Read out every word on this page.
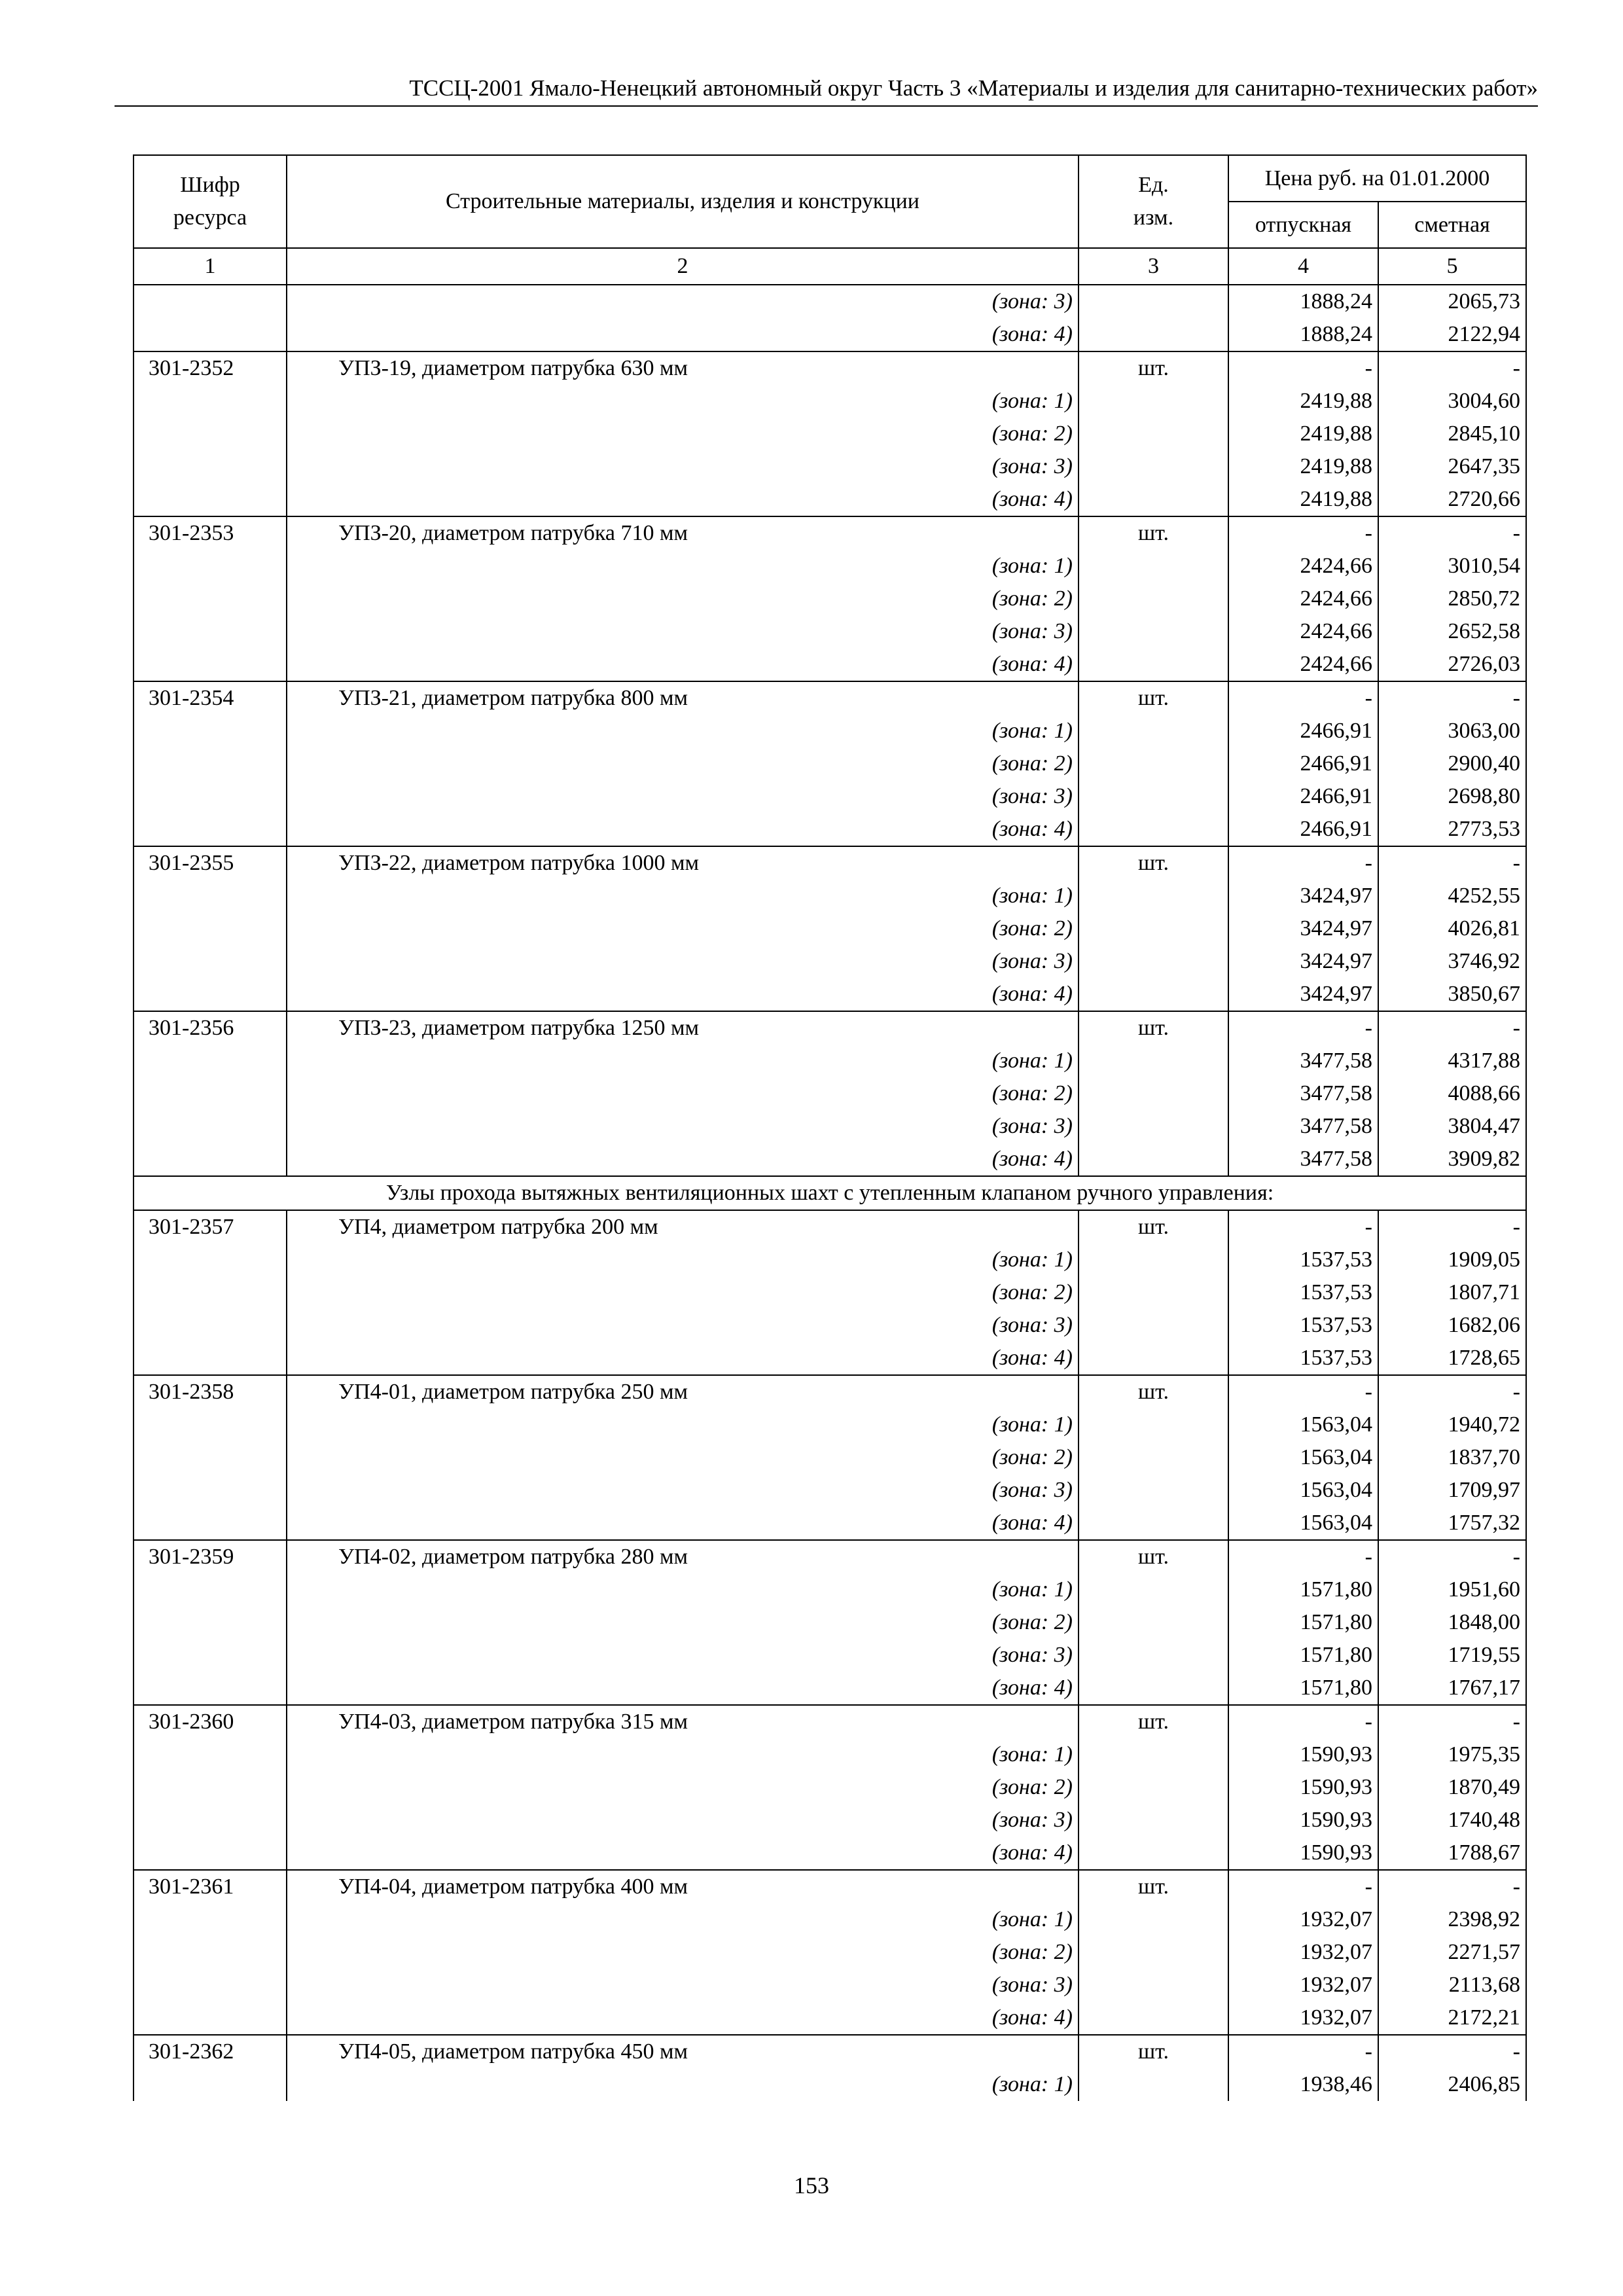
ТССЦ-2001 Ямало-Ненецкий автономный округ Часть 3 «Материалы и изделия для санитарно-технических работ»
Шифр ресурса	Строительные материалы, изделия и конструкции	Ед. изм.	Цена руб. на 01.01.2000	
			отпускная	сметная
1	2	3	4	5

	(зона: 3)		1888,24	2065,73

	(зона: 4)		1888,24	2122,94
301-2352	УПЗ-19, диаметром патрубка 630 мм	шт.	-	-

	(зона: 1)		2419,88	3004,60

	(зона: 2)		2419,88	2845,10

	(зона: 3)		2419,88	2647,35

	(зона: 4)		2419,88	2720,66
301-2353	УПЗ-20, диаметром патрубка 710 мм	шт.	-	-

	(зона: 1)		2424,66	3010,54

	(зона: 2)		2424,66	2850,72

	(зона: 3)		2424,66	2652,58

	(зона: 4)		2424,66	2726,03
301-2354	УПЗ-21, диаметром патрубка 800 мм	шт.	-	-

	(зона: 1)		2466,91	3063,00

	(зона: 2)		2466,91	2900,40

	(зона: 3)		2466,91	2698,80

	(зона: 4)		2466,91	2773,53
301-2355	УПЗ-22, диаметром патрубка 1000 мм	шт.	-	-

	(зона: 1)		3424,97	4252,55

	(зона: 2)		3424,97	4026,81

	(зона: 3)		3424,97	3746,92

	(зона: 4)		3424,97	3850,67
301-2356	УПЗ-23, диаметром патрубка 1250 мм	шт.	-	-

	(зона: 1)		3477,58	4317,88

	(зона: 2)		3477,58	4088,66

	(зона: 3)		3477,58	3804,47

	(зона: 4)		3477,58	3909,82
Узлы прохода вытяжных вентиляционных шахт с утепленным клапаном ручного управления:				
301-2357	УП4, диаметром патрубка 200 мм	шт.	-	-

	(зона: 1)		1537,53	1909,05

	(зона: 2)		1537,53	1807,71

	(зона: 3)		1537,53	1682,06

	(зона: 4)		1537,53	1728,65
301-2358	УП4-01, диаметром патрубка 250 мм	шт.	-	-

	(зона: 1)		1563,04	1940,72

	(зона: 2)		1563,04	1837,70

	(зона: 3)		1563,04	1709,97

	(зона: 4)		1563,04	1757,32
301-2359	УП4-02, диаметром патрубка 280 мм	шт.	-	-

	(зона: 1)		1571,80	1951,60

	(зона: 2)		1571,80	1848,00

	(зона: 3)		1571,80	1719,55

	(зона: 4)		1571,80	1767,17
301-2360	УП4-03, диаметром патрубка 315 мм	шт.	-	-

	(зона: 1)		1590,93	1975,35

	(зона: 2)		1590,93	1870,49

	(зона: 3)		1590,93	1740,48

	(зона: 4)		1590,93	1788,67
301-2361	УП4-04, диаметром патрубка 400 мм	шт.	-	-

	(зона: 1)		1932,07	2398,92

	(зона: 2)		1932,07	2271,57

	(зона: 3)		1932,07	2113,68

	(зона: 4)		1932,07	2172,21
301-2362	УП4-05, диаметром патрубка 450 мм	шт.	-	-

	(зона: 1)		1938,46	2406,85
153
